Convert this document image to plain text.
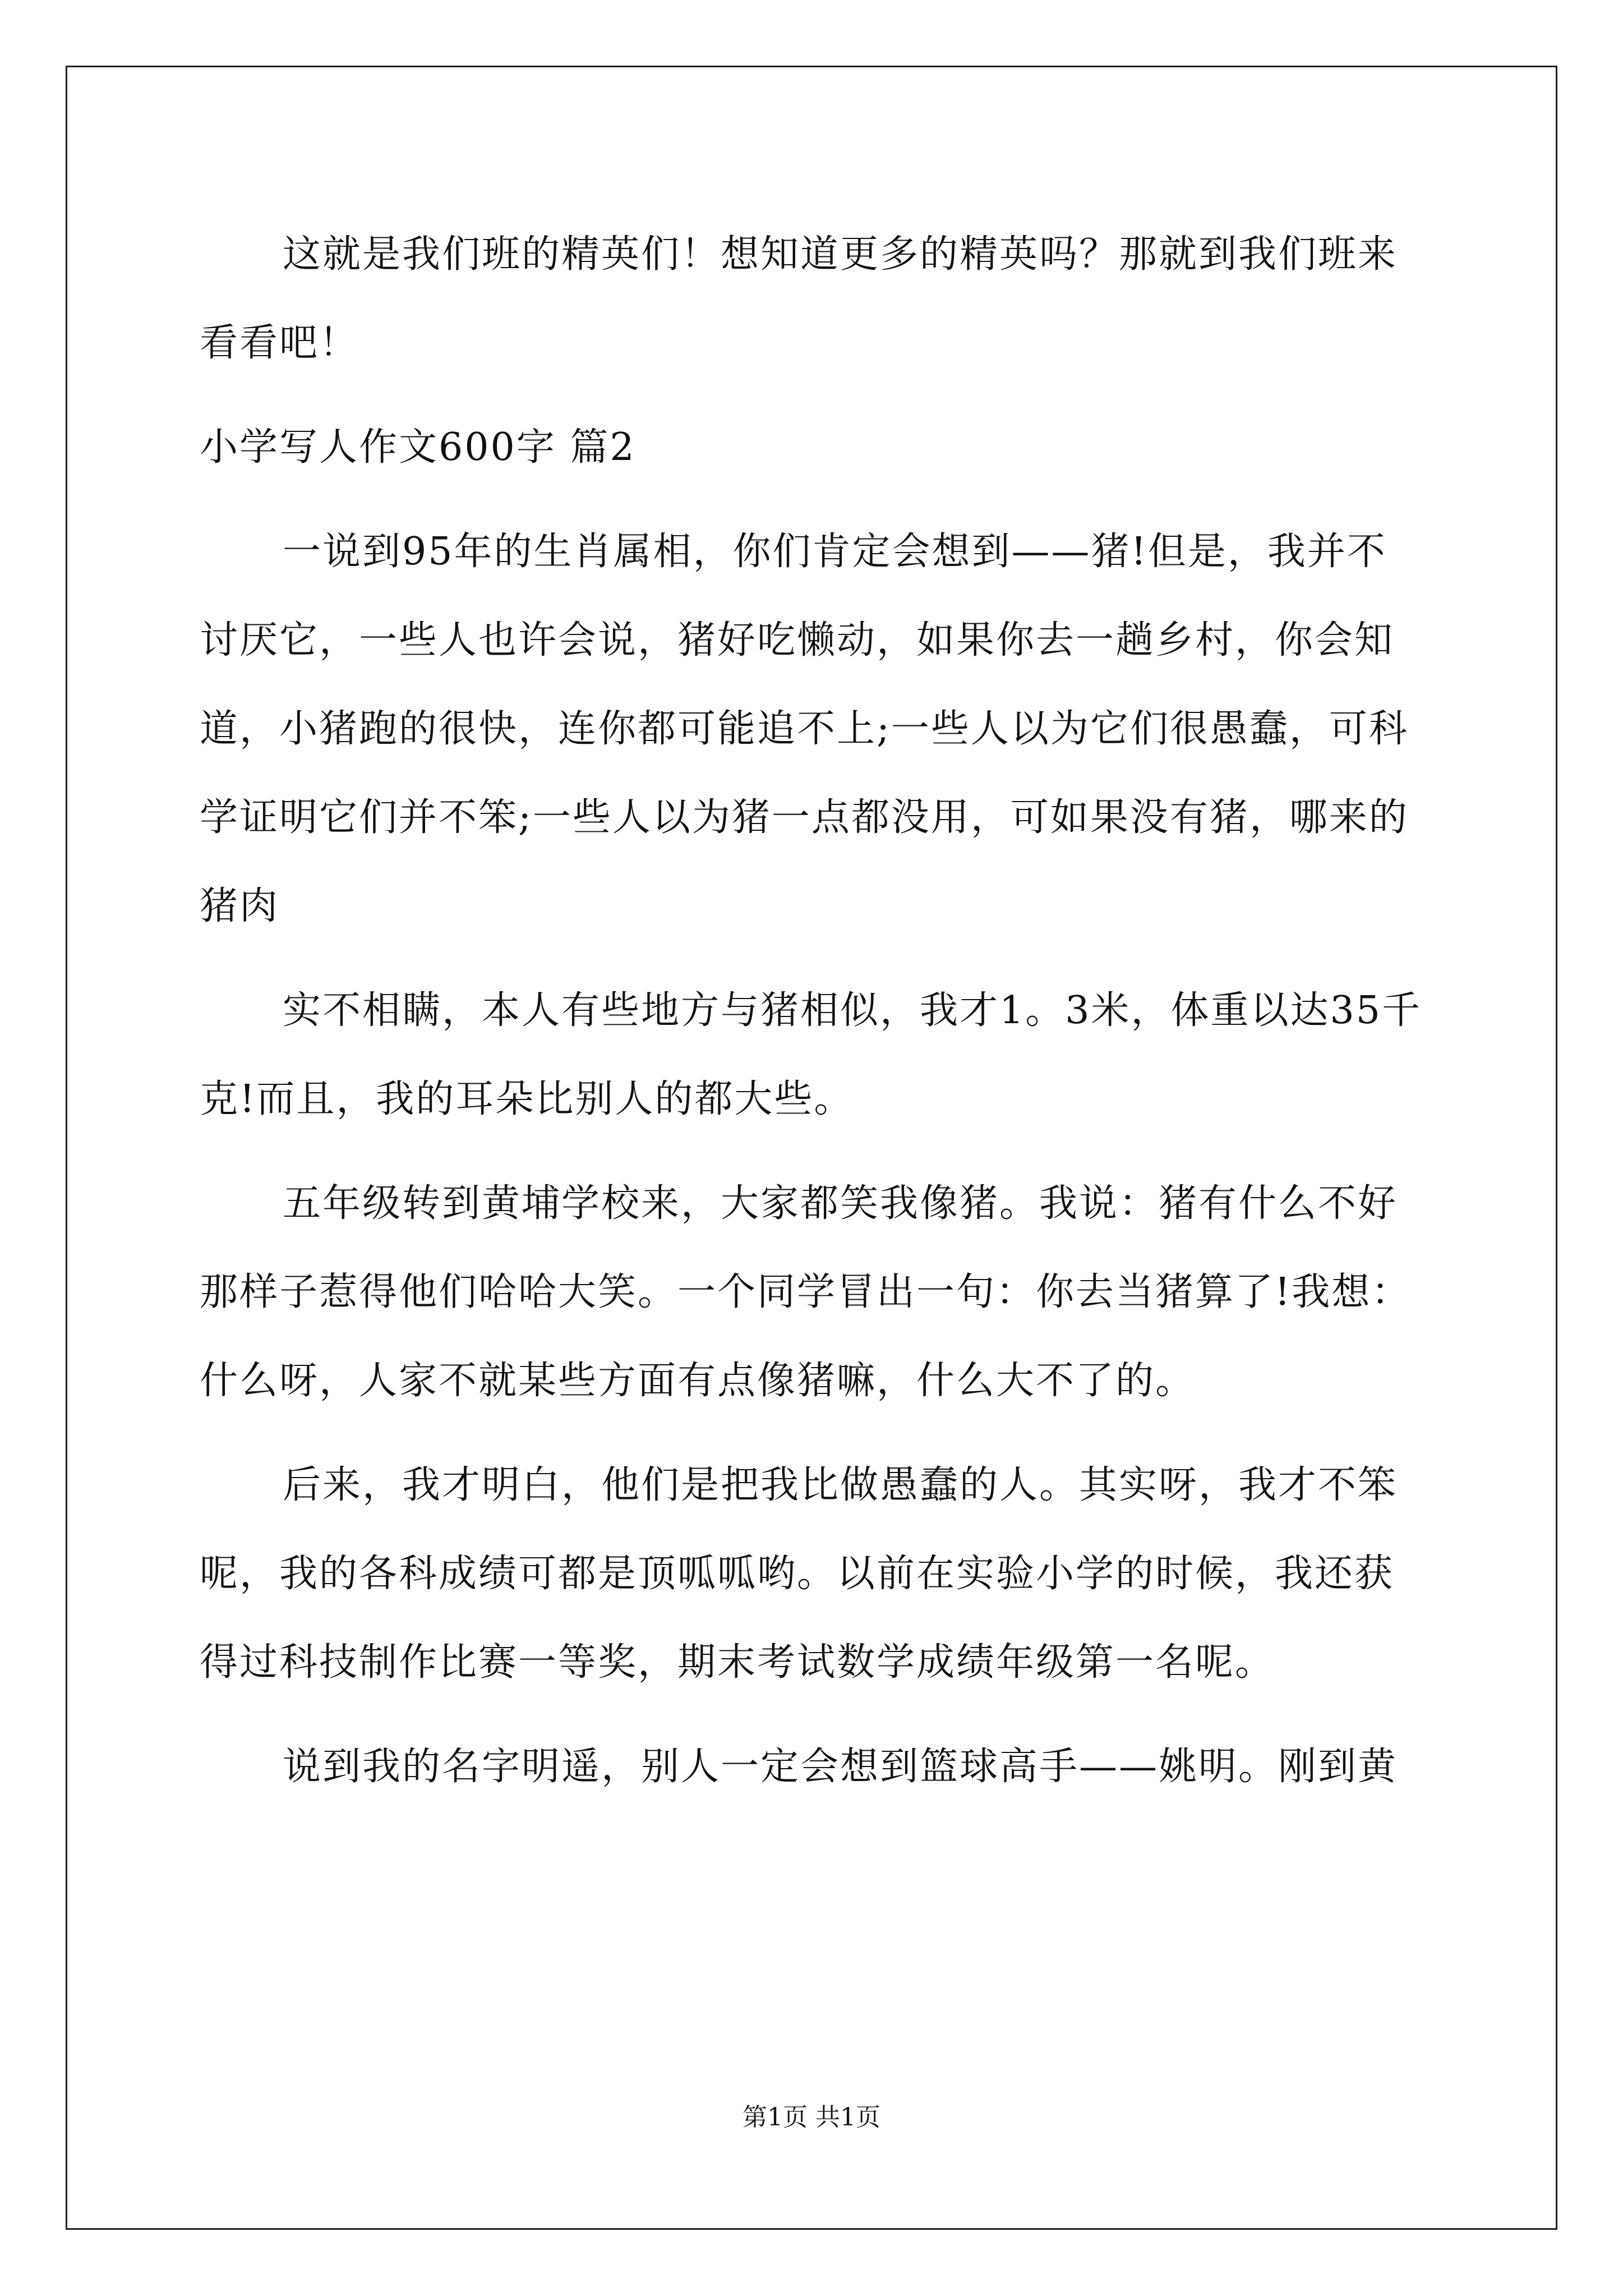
这就是我们班的精英们！想知道更多的精英吗？那就到我们班来看看吧！

小学写人作文600字 篇2

一说到95年的生肖属相，你们肯定会想到——猪!但是，我并不讨厌它，一些人也许会说，猪好吃懒动，如果你去一趟乡村，你会知道，小猪跑的很快，连你都可能追不上;一些人以为它们很愚蠢，可科学证明它们并不笨;一些人以为猪一点都没用，可如果没有猪，哪来的猪肉

实不相瞒，本人有些地方与猪相似，我才1。3米，体重以达35千克!而且，我的耳朵比别人的都大些。

五年级转到黄埔学校来，大家都笑我像猪。我说：猪有什么不好那样子惹得他们哈哈大笑。一个同学冒出一句：你去当猪算了!我想：什么呀，人家不就某些方面有点像猪嘛，什么大不了的。

后来，我才明白，他们是把我比做愚蠢的人。其实呀，我才不笨呢，我的各科成绩可都是顶呱呱哟。以前在实验小学的时候，我还获得过科技制作比赛一等奖，期末考试数学成绩年级第一名呢。

说到我的名字明遥，别人一定会想到篮球高手——姚明。刚到黄

第1页 共1页
